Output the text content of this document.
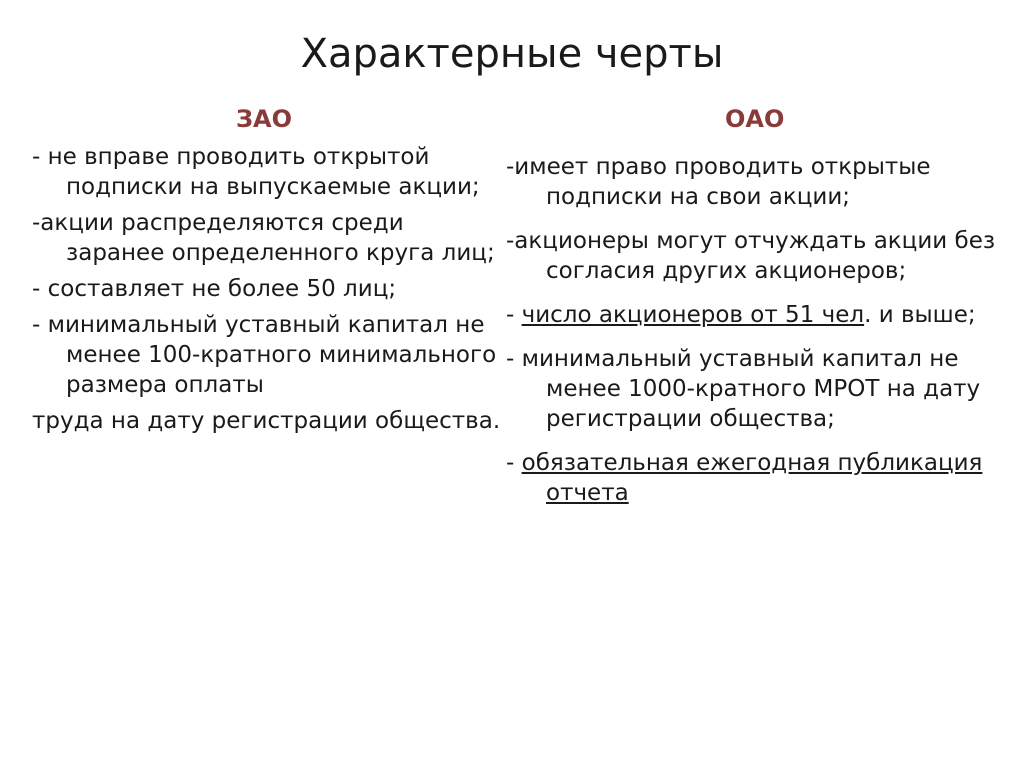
Характерные черты
ЗАО	ОАО
- не вправе проводить открытой подписки на выпускаемые акции;
-акции распределяются среди заранее определенного круга лиц;
- составляет не более 50 лиц;
- минимальный уставный капитал не менее 100-кратного минимального размера оплаты
труда на дату регистрации общества.
-имеет право проводить открытые подписки на свои акции;
-акционеры могут отчуждать акции без согласия других акционеров;
- число акционеров от 51 чел. и выше;
- минимальный уставный капитал не менее 1000-кратного МРОТ на дату регистрации общества;
- обязательная ежегодная публикация отчета
